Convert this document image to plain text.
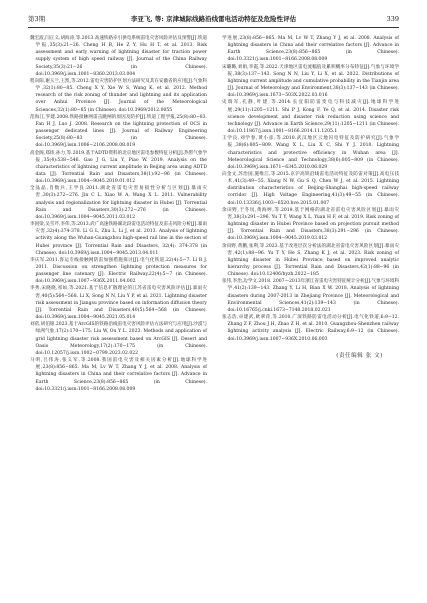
第3期	李亚飞, 等: 京津城际线路沿线雷电活动特征及危险性评估	339

魏宏波,闫正义,胡海涛,等.2013.高速铁路牵引供电系统雷电灾害风险评估及预警[J].铁道学报,35(3):21−26. Cheng H B, He Z Y, Hu H T, et al. 2013. Risk assessment and early warning of lightning disaster for traction power supply system of high speed railway [J]. Journal of the China Railway Society,35(3):21−26 (in Chinese). doi:10.3969/j.issn.1001−8360.2013.03.004

程向阳,谢玉兰,王凯,等.2012.雷电灾害防护区划方法研究及其在安徽省的应用[J].气象科学,32(1):80−85. Cheng X Y, Xie W S, Wang K, et al. 2012. Method research of the risk zoning of thunder and lightning and its application over Anhui Province [J]. Journal of the Meteorological Sciences,32(1):80−85 (in Chinese). doi:10.3969/2012.0055

范海江,罗建.2008.铁路接触网雷击跳闸的原因及防护[J].铁道工程学报,25(8):80−83. Fan H J, Luo J. 2008. Research on the lightning protection of OCS in passenger dedicated lines [J]. Journal of Railway Engineering Society,25(8):80−83 (in Chinese). doi:10.3969/j.issn.1006−2106.2008.08.019

高金阁,郑炜,孙力,等.2019.基于ADTD资料的北京地区雷电参数特征分析[J].热带气象学报,35(4):538−546. Gao J G, Liu Y, Piao W. 2019. Analysis on the characteristics of lightning current amplitude in Beijing area using ADTD data [J]. Torrential Rain and Disasters,38(1):92−96 (in Chinese). doi:10.3969/j.issn.1004−9045.2019.01.012

全晶晶,肖数兵,王学良.2011.湖北省雷电灾害易损性分析与区划[J].暴雨灾害,30(3):272−276. Jin C L, Xiao W A, Wang X L. 2011. Vulnerability analysis and regionalization for lightning disaster in Hubei [J]. Torrential Rain and Disasters,30(3):272−276 (in Chinese). doi:10.3969/j.issn.1004−9045.2011.03.012

李国梁,吴雪芹,李伟,等.2013.武广高速铁路湖北段雷电活动特征及雷击风险分析[J].暴雨灾害,32(4):374-378. Li G L, Zhu L, Li J, et al. 2013. Analysis of lightning activity along the Wuhan-Guangzhou high-speed rail line in the section of Hubei province [J]. Torrential Rain and Disasters, 32(4): 374-378 (in Chinese). doi:10.3969/j.issn.1004−9045.2013.04.011

李庆军.2011.客运专线接触网防雷加强措施探讨[J].电气化铁道,22(4):5−7. Li R J. 2011. Discussion on strengthen lightning protection measures for passenger line catenary [J]. Electric Railway,22(4):5−7 (in Chinese). doi:10.3969/j.issn.1007−936X.2011.04.002

李秀,宋晓晓,祁如,等.2021.基于信息扩散理论的江苏省雷电灾害风险评估[J].暴雨灾害,40(5):564−568. Li X, Song N N, Liu Y P, et al. 2021. Lightning disaster risk assessment in Jiangsu province based on information diffusion theory [J]. Torrential Rain and Disasters,40(5):564−568 (in Chinese). doi:10.3969/j.issn.1004−9045.2021.05.014

刘蓓,胡伯银.2023.基于ArcGIS的铁路沿线雷电灾害风险评估方法研究与应用[J].沙漠与绿洲气象,17(2):170−175. Liu W, Ou Y L. 2023. Methods and application of grid lightning disaster risk assessment based on ArcGIS [J]. Desert and Oasis Meteorology,17(2):170−175 (in Chinese). doi:10.12057/j.issn.1002−0799.2023.02.022

马明,吕伟涛,张义军,等.2008.我国雷电灾害及相关因素分析[J].地球科学进展,23(8):856−865. Ma M, Lv W T, Zhang Y J, et al. 2008. Analysis of lightning disasters in China and their correlative factors [J]. Advance in Earth Science,23(8):856−865 (in Chinese). doi:10.3321/j.issn:1001−8166.2008.08.009

学进展,23(8):856−865. Ma M, Lv W T, Zhang Y J, et al. 2008. Analysis of lightning disasters in China and their correlative factors [J]. Advance in Earth Science,23(8):856−865 (in Chinese). doi:10.3321/j.issn:1001−8166.2008.08.009

宋璐璐,刘娟,李霞,等.2022.天津地区雷电流幅值及累积概率分布特征[J].气象与环境学报,38(3):137−143. Song N N, Liu Y, Li X, et al. 2022. Distributions of lightning current amplitude and cumulative probability in the Tianjin area [J]. Journal of Meteorology and Environment,38(3):137−143 (in Chinese). doi:10.3969/j.issn.1673−503X.2022.03.016

史瑞军,孔静,叶建,等.2014.长宜阳防雷变电与科技减灾[J].地球科学进展,29(11):1205−1211. Shi P J, Kong F, Ye Q, et al. 2014. Disaster risk science development and disaster risk reduction using science and technology [J]. Advance in Earth Science,29(11):1205−1211 (in Chinese). doi:10.11867/j.issn.1001−8166.2014.11.1205.1

王学良,刘学春,黄小彦,等.2010.武汉地区云地闪电特征及防护研究[J].气象学报,38(6):805−809. Wang X L, Liu X C, Shi Y J. 2010. Lightning characteristics and protective efficiency in Wuhan area [J]. Meteorological Science and Technology,38(6):805−809 (in Chinese). doi:10.3969/j.issn.1671−6345.2010.06.029

向金文,苏治国,施维江,等.2015.京沪高铁沿线雷电活动特征及防雷对策[J].高电压技术,41(3):49−55. Xiang N W, Gu S Q, Chen W J, et al. 2015. Lightning distribution characteristics of Beijing-Shanghai high-speed railway corridor [J]. High Voltage Engineering,41(3):49−55 (in Chinese). doi:10.13336/j.1003−6520.hve.2015.01.007

余田野,于冬岚,黄海婷,等.2019.基于网格的湖北省雷电灾害风险区划[J].暴雨灾害,38(3):291−296. Yu T Y, Wang X L, Yuan H F, et al. 2019. Risk zoning of lightning disaster in Hubei Province based on projection pursuit method [J]. Torrential Rain and Disasters,38(3):291−296 (in Chinese). doi:10.3969/j.issn.1004−9045.2019.03.012

余田野,黄鹏,张利,等.2023.基于改进层次分析法的湖北省雷电灾害风险区划[J].暴雨灾害,42(1):88−96. Yu T Y, He S, Zhang K J, et al. 2023. Risk zoning of lightning disaster in Hubei Province based on improved analytic hierarchy process [J]. Torrential Rain and Disasters,42(1):88−96 (in Chinese). doi:10.12406/byzh.2022−185

张伟,李治,边学文.2018. 2007—2013年浙江省雷电灾害特征统计分析[J].气象与环境科学,41(2):139−143. Zhang Y, Li H, Bian X W. 2018. Analysis of lightning disasters during 2007-2013 in Zhejiang Province [J]. Meteorological and Environmental Sciences,41(2):139−143 (in Chinese). doi:10.16765/j.cnki.1673−7148.2018.02.021

张志浩,卓建武,欧翠萍,等.2010.广深铁路防雷电活动分析[J].电气化铁道,6:9−12. Zhang Z F, Zhou J H, Zhao Z H, et al. 2010. Guangzhou-Shenzhen railway lightning activity analysis [J]. Electric Railway,6:9−12 (in Chinese). doi:10.3969/j.issn.1007−936X.2010.06.003

(责任编辑 张 文)
